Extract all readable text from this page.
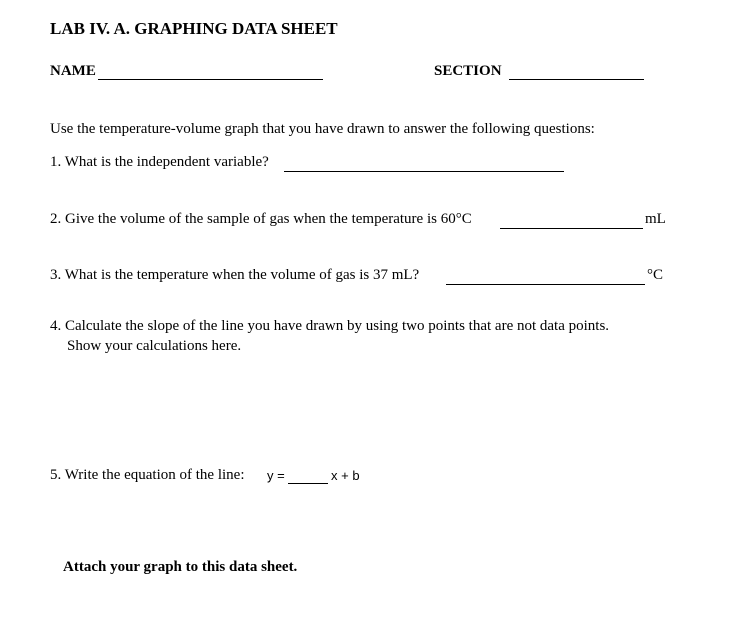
LAB IV. A. GRAPHING DATA SHEET
NAME	SECTION
Use the temperature-volume graph that you have drawn to answer the following questions:
1. What is the independent variable?
2. Give the volume of the sample of gas when the temperature is 60°C	mL
3. What is the temperature when the volume of gas is 37 mL?	°C
4. Calculate the slope of the line you have drawn by using two points that are not data points.
Show your calculations here.
5. Write the equation of the line: y =	x + b
Attach your graph to this data sheet.
